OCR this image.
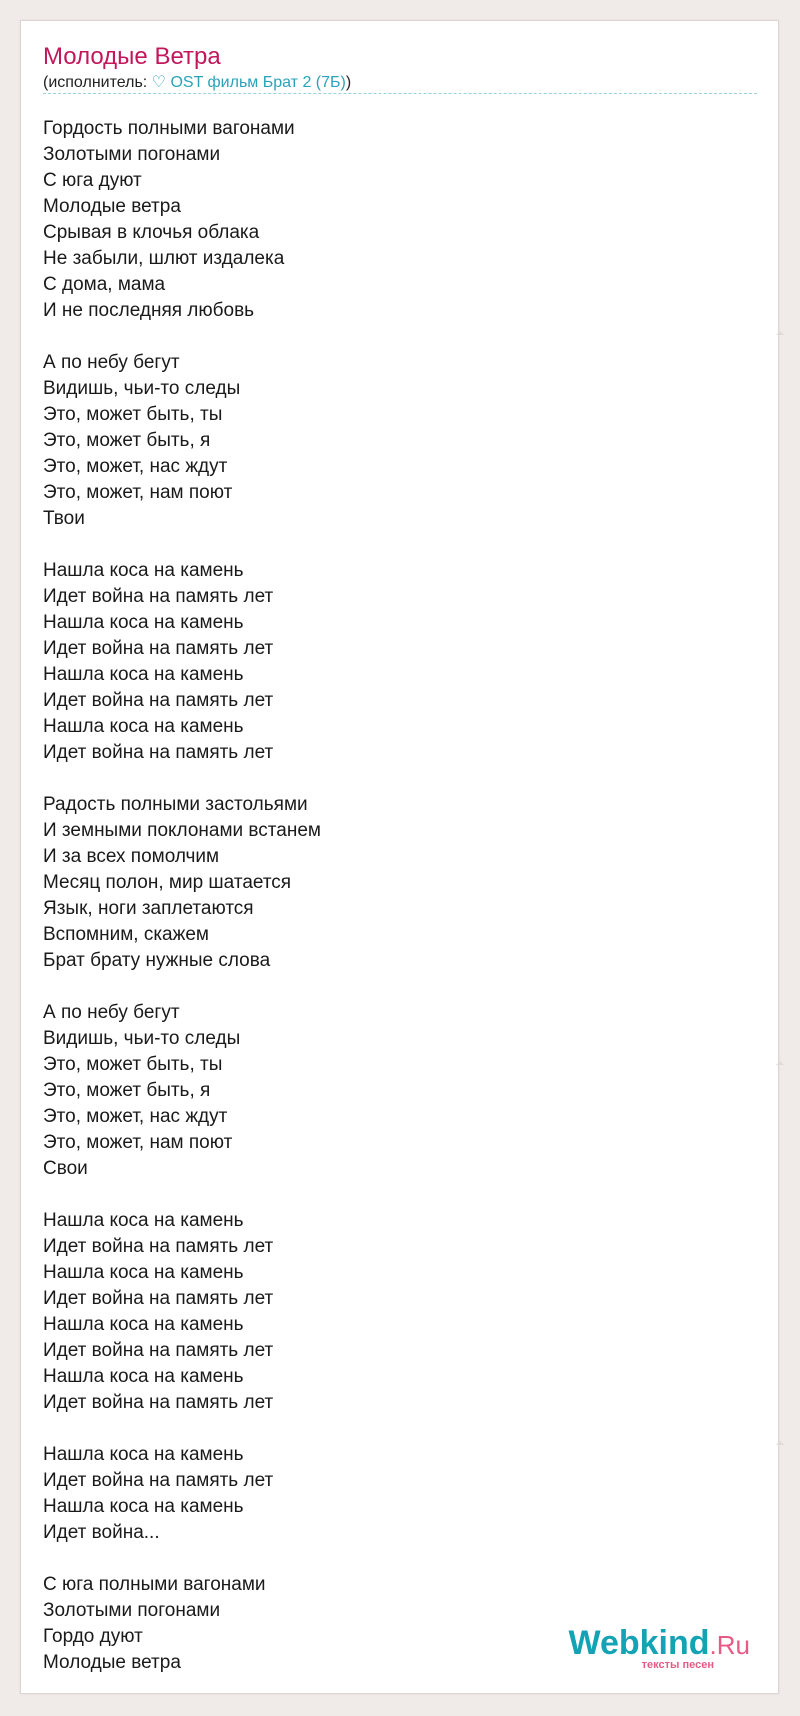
Молодые Ветра
(исполнитель: ♡ OST фильм Брат 2 (7Б))
Гордость полными вагонами
Золотыми погонами
С юга дуют
Молодые ветра
Срывая в клочья облака
Не забыли, шлют издалека
С дома, мама
И не последняя любовь
А по небу бегут
Видишь, чьи-то следы
Это, может быть, ты
Это, может быть, я
Это, может, нас ждут
Это, может, нам поют
Твои
Нашла коса на камень
Идет война на память лет
Нашла коса на камень
Идет война на память лет
Нашла коса на камень
Идет война на память лет
Нашла коса на камень
Идет война на память лет
Радость полными застольями
И земными поклонами встанем
И за всех помолчим
Месяц полон, мир шатается
Язык, ноги заплетаются
Вспомним, скажем
Брат брату нужные слова
А по небу бегут
Видишь, чьи-то следы
Это, может быть, ты
Это, может быть, я
Это, может, нас ждут
Это, может, нам поют
Свои
Нашла коса на камень
Идет война на память лет
Нашла коса на камень
Идет война на память лет
Нашла коса на камень
Идет война на память лет
Нашла коса на камень
Идет война на память лет
Нашла коса на камень
Идет война на память лет
Нашла коса на камень
Идет война...
С юга полными вагонами
Золотыми погонами
Гордо дуют
Молодые ветра
Webkind.Ru
тексты песен
